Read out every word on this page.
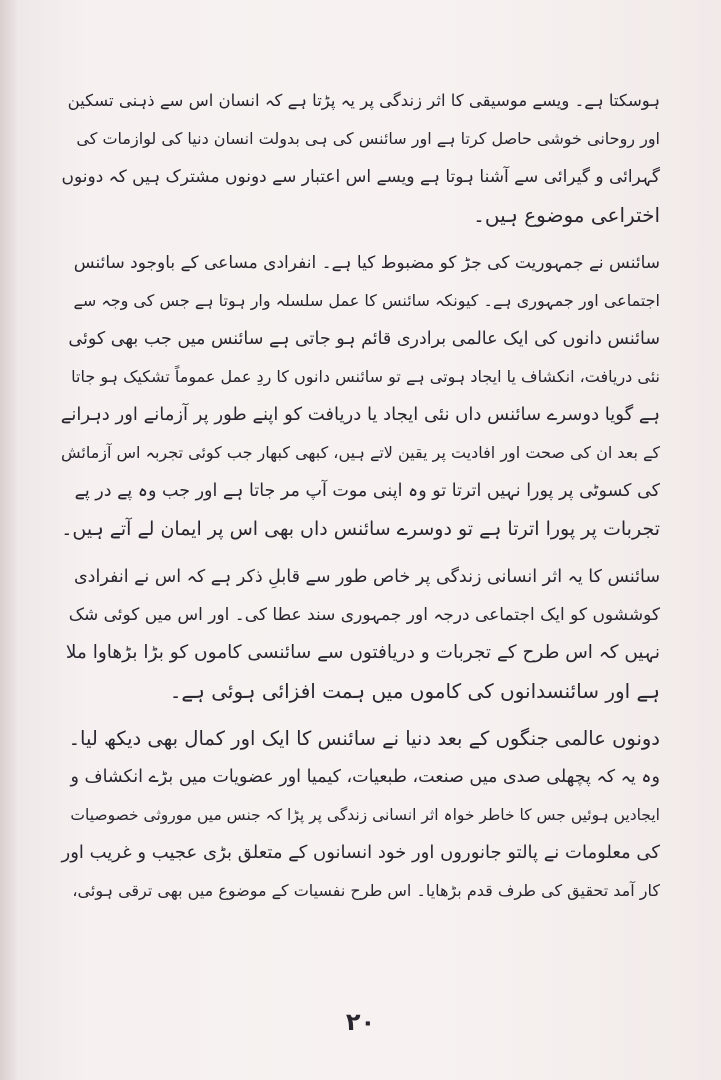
ہوسکتا ہے۔ ویسے موسیقی کا اثر زندگی پر یہ پڑتا ہے کہ انسان اس سے ذہنی تسکین
اور روحانی خوشی حاصل کرتا ہے اور سائنس کی ہی بدولت انسان دنیا کی لوازمات کی
گہرائی و گیرائی سے آشنا ہوتا ہے ویسے اس اعتبار سے دونوں مشترک ہیں کہ دونوں
اختراعی موضوع ہیں۔
سائنس نے جمہوریت کی جڑ کو مضبوط کیا ہے۔ انفرادی مساعی کے باوجود سائنس
اجتماعی اور جمہوری ہے۔ کیونکہ سائنس کا عمل سلسلہ وار ہوتا ہے جس کی وجہ سے
سائنس دانوں کی ایک عالمی برادری قائم ہو جاتی ہے سائنس میں جب بھی کوئی
نئی دریافت، انکشاف یا ایجاد ہوتی ہے تو سائنس دانوں کا ردِ عمل عموماً تشکیک ہو جاتا
ہے گویا دوسرے سائنس داں نئی ایجاد یا دریافت کو اپنے طور پر آزمانے اور دہرانے
کے بعد ان کی صحت اور افادیت پر یقین لاتے ہیں، کبھی کبھار جب کوئی تجربہ اس آزمائش
کی کسوٹی پر پورا نہیں اترتا تو وہ اپنی موت آپ مر جاتا ہے اور جب وہ پے در پے
تجربات پر پورا اترتا ہے تو دوسرے سائنس داں بھی اس پر ایمان لے آتے ہیں۔
سائنس کا یہ اثر انسانی زندگی پر خاص طور سے قابلِ ذکر ہے کہ اس نے انفرادی
کوششوں کو ایک اجتماعی درجہ اور جمہوری سند عطا کی۔ اور اس میں کوئی شک
نہیں کہ اس طرح کے تجربات و دریافتوں سے سائنسی کاموں کو بڑا بڑھاوا ملا
ہے اور سائنسدانوں کی کاموں میں ہمت افزائی ہوئی ہے۔
دونوں عالمی جنگوں کے بعد دنیا نے سائنس کا ایک اور کمال بھی دیکھ لیا۔
وہ یہ کہ پچھلی صدی میں صنعت، طبعیات، کیمیا اور عضویات میں بڑے انکشاف و
ایجادیں ہوئیں جس کا خاطر خواہ اثر انسانی زندگی پر پڑا کہ جنس میں موروثی خصوصیات
کی معلومات نے پالتو جانوروں اور خود انسانوں کے متعلق بڑی عجیب و غریب اور
کار آمد تحقیق کی طرف قدم بڑھایا۔ اس طرح نفسیات کے موضوع میں بھی ترقی ہوئی،
۲۰
